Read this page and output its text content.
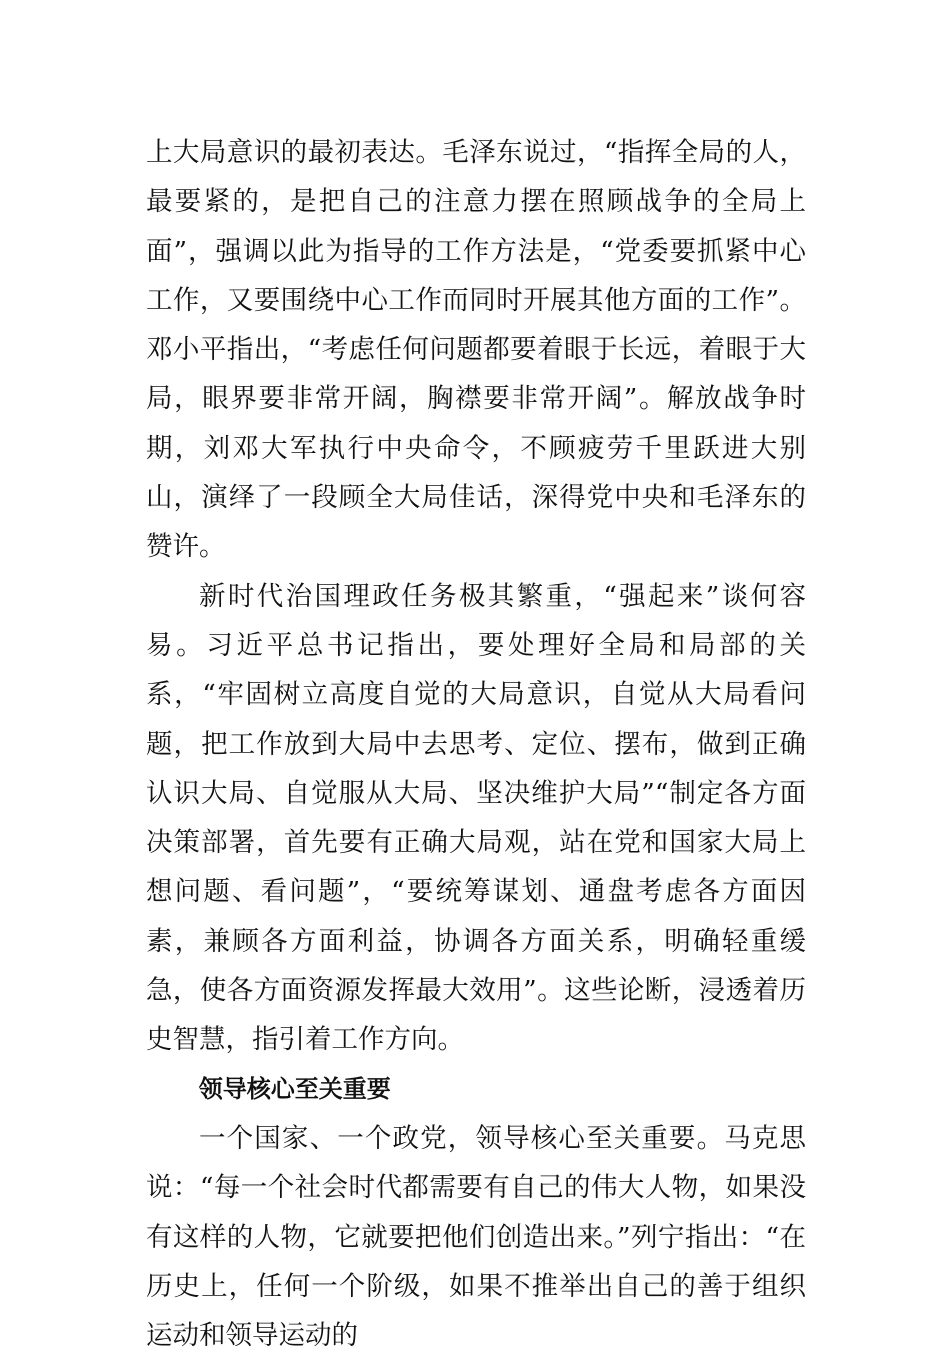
上大局意识的最初表达。毛泽东说过，“指挥全局的人，最要紧的，是把自己的注意力摆在照顾战争的全局上面”，强调以此为指导的工作方法是，“党委要抓紧中心工作，又要围绕中心工作而同时开展其他方面的工作”。邓小平指出，“考虑任何问题都要着眼于长远，着眼于大局，眼界要非常开阔，胸襟要非常开阔”。解放战争时期，刘邓大军执行中央命令，不顾疲劳千里跃进大别山，演绎了一段顾全大局佳话，深得党中央和毛泽东的赞许。

新时代治国理政任务极其繁重，“强起来”谈何容易。习近平总书记指出，要处理好全局和局部的关系，“牢固树立高度自觉的大局意识，自觉从大局看问题，把工作放到大局中去思考、定位、摆布，做到正确认识大局、自觉服从大局、坚决维护大局”“制定各方面决策部署，首先要有正确大局观，站在党和国家大局上想问题、看问题”，“要统筹谋划、通盘考虑各方面因素，兼顾各方面利益，协调各方面关系，明确轻重缓急，使各方面资源发挥最大效用”。这些论断，浸透着历史智慧，指引着工作方向。

领导核心至关重要

一个国家、一个政党，领导核心至关重要。马克思说：“每一个社会时代都需要有自己的伟大人物，如果没有这样的人物，它就要把他们创造出来。”列宁指出：“在历史上，任何一个阶级，如果不推举出自己的善于组织运动和领导运动的
